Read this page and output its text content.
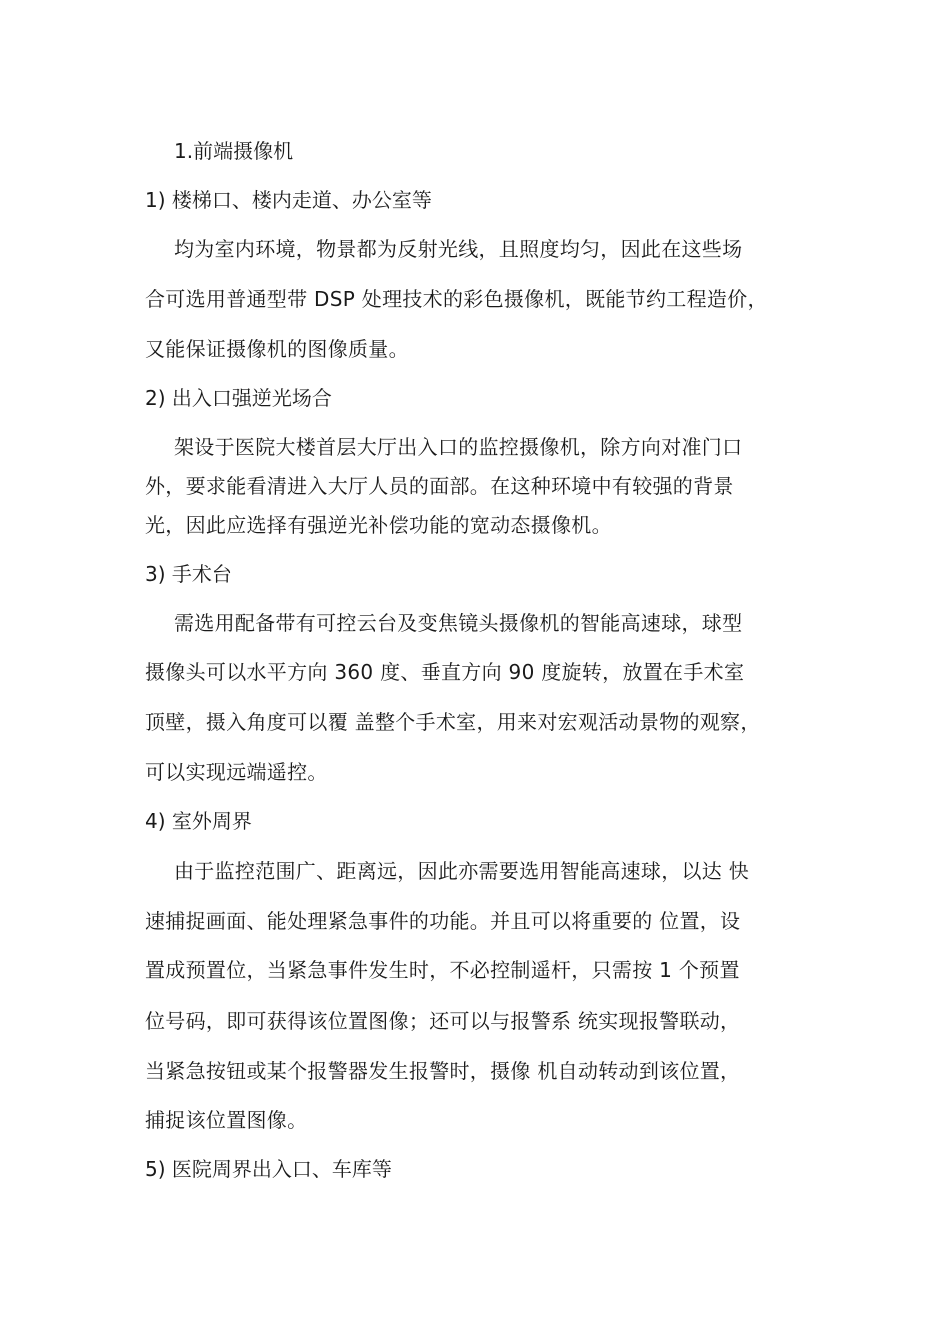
1.前端摄像机
1) 楼梯口、楼内走道、办公室等
均为室内环境，物景都为反射光线，且照度均匀，因此在这些场
合可选用普通型带 DSP 处理技术的彩色摄像机，既能节约工程造价，
又能保证摄像机的图像质量。
2) 出入口强逆光场合
架设于医院大楼首层大厅出入口的监控摄像机，除方向对准门口
外，要求能看清进入大厅人员的面部。在这种环境中有较强的背景
光，因此应选择有强逆光补偿功能的宽动态摄像机。
3) 手术台
需选用配备带有可控云台及变焦镜头摄像机的智能高速球，球型
摄像头可以水平方向 360 度、垂直方向 90 度旋转，放置在手术室
顶壁，摄入角度可以覆 盖整个手术室，用来对宏观活动景物的观察，
可以实现远端遥控。
4) 室外周界
由于监控范围广、距离远，因此亦需要选用智能高速球，以达 快
速捕捉画面、能处理紧急事件的功能。并且可以将重要的 位置，设
置成预置位，当紧急事件发生时，不必控制遥杆，只需按 1 个预置
位号码，即可获得该位置图像；还可以与报警系 统实现报警联动，
当紧急按钮或某个报警器发生报警时，摄像 机自动转动到该位置，
捕捉该位置图像。
5) 医院周界出入口、车库等
